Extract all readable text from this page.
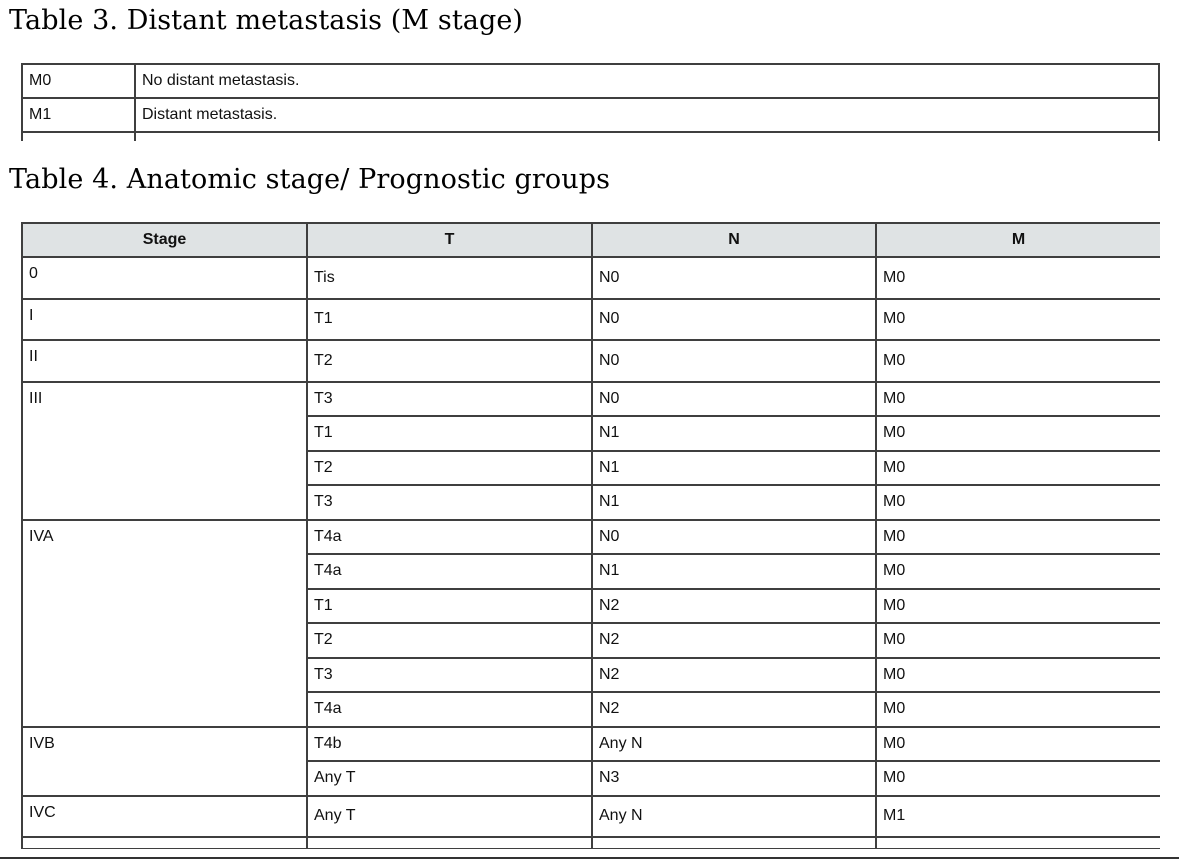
Table 3. Distant metastasis (M stage)
M0	No distant metastasis.
M1	Distant metastasis.

Table 4. Anatomic stage/ Prognostic groups
Stage	T	N	M
0	Tis	N0	M0
I	T1	N0	M0
II	T2	N0	M0
III	T3	N0	M0
	T1	N1	M0
	T2	N1	M0
	T3	N1	M0
IVA	T4a	N0	M0
	T4a	N1	M0
	T1	N2	M0
	T2	N2	M0
	T3	N2	M0
	T4a	N2	M0
IVB	T4b	Any N	M0
	Any T	N3	M0
IVC	Any T	Any N	M1
